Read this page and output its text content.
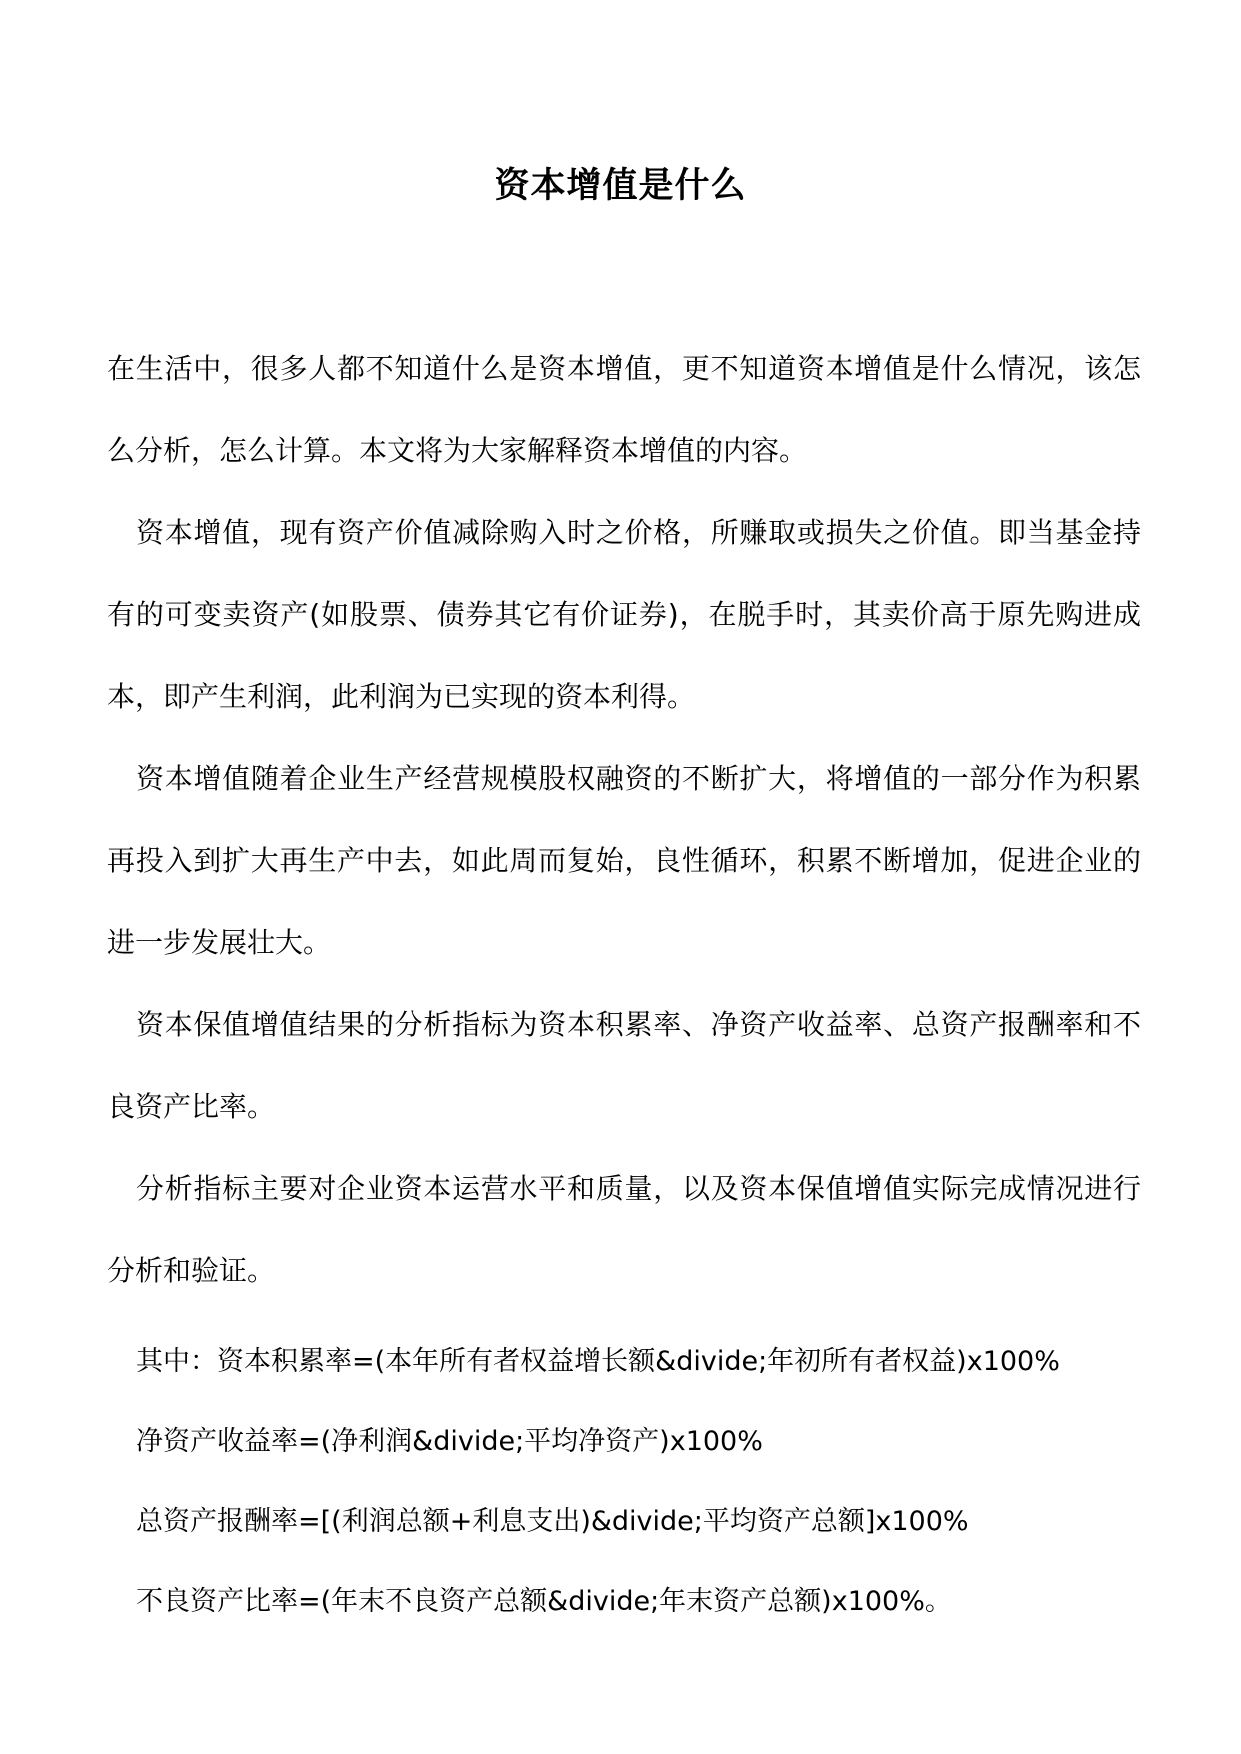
资本增值是什么

在生活中，很多人都不知道什么是资本增值，更不知道资本增值是什么情况，该怎么分析，怎么计算。本文将为大家解释资本增值的内容。

资本增值，现有资产价值减除购入时之价格，所赚取或损失之价值。即当基金持有的可变卖资产(如股票、债券其它有价证券)，在脱手时，其卖价高于原先购进成本，即产生利润，此利润为已实现的资本利得。

资本增值随着企业生产经营规模股权融资的不断扩大，将增值的一部分作为积累再投入到扩大再生产中去，如此周而复始，良性循环，积累不断增加，促进企业的进一步发展壮大。

资本保值增值结果的分析指标为资本积累率、净资产收益率、总资产报酬率和不良资产比率。

分析指标主要对企业资本运营水平和质量，以及资本保值增值实际完成情况进行分析和验证。

其中：资本积累率=(本年所有者权益增长额&divide;年初所有者权益)x100%

净资产收益率=(净利润&divide;平均净资产)x100%

总资产报酬率=[(利润总额+利息支出)&divide;平均资产总额]x100%

不良资产比率=(年末不良资产总额&divide;年末资产总额)x100%。
